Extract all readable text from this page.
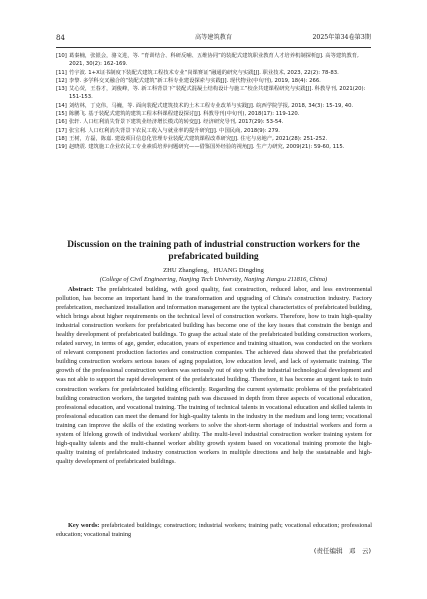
84	高等建筑教育	2025年第34卷第3期
[10] 葛秦楠，张银会，骆文进，等. “育训结合、科研反哺、五维协同”的装配式建筑职业教育人才培养机制探析[J]. 高等建筑教育, 2021, 30(2): 162-169.
[11] 竹宇波. 1+X证书制度下装配式建筑工程技术专业“岗课赛证”融通的研究与实践[J]. 职业技术, 2023, 22(2): 78-83.
[12] 李黎. 多学科交叉融合的“装配式建筑”新工科专业建设探索与实践[J]. 现代物业(中旬刊), 2019, 18(4): 266.
[13] 艾心荧，王春才，刘俊峰，等. 新工科背景下“装配式混凝土结构设计与施工”校企共建课程研究与实践[J]. 科教导刊, 2021(20): 151-153.
[14] 刘结林，丁克伟，马巍，等. 面向装配式建筑技术的土木工程专业改革与实践[J]. 皖西学院学报, 2018, 34(3): 15-19, 40.
[15] 陈鹏飞. 基于装配式建筑的建筑工程本科课程建设探讨[J]. 科教导刊(中旬刊), 2018(17): 119-120.
[16] 张轩. 人口红利消失背景下建筑业经济增长模式的转变[J]. 经济研究导刊, 2017(29): 53-54.
[17] 张宝利. 人口红利消失背景下农民工收入与就业率的提升研究[J]. 中国民商, 2018(9): 279.
[18] 王树，方磊，陈嘉. 建设项目信息化管理专业装配式建筑课程改革研究[J]. 住宅与房地产, 2021(28): 251-252.
[19] 赵晓震. 建筑施工企业农民工专业素质培养问题研究——借鉴国外经验的视角[J]. 生产力研究, 2009(21): 59-60, 115.
Discussion on the training path of industrial construction workers for the prefabricated building
ZHU Zhangfeng，HUANG Dingding
(College of Civil Engineering, Nanjing Tech University, Nanjing Jiangsu 211816, China)

Abstract: The prefabricated building, with good quality, fast construction, reduced labor, and less environmental pollution, has become an important hand in the transformation and upgrading of China's construction industry. Factory prefabrication, mechanized installation and information management are the typical characteristics of prefabricated building, which brings about higher requirements on the technical level of construction workers. Therefore, how to train high-quality industrial construction workers for prefabricated building has become one of the key issues that constrain the benign and healthy development of prefabricated buildings. To grasp the actual state of the prefabricated building construction workers, related survey, in terms of age, gender, education, years of experience and training situation, was conducted on the workers of relevant component production factories and construction companies. The achieved data showed that the prefabricated building construction workers serious issues of aging population, low education level, and lack of systematic training. The growth of the professional construction workers was seriously out of step with the industrial technological development and was not able to support the rapid development of the prefabricated building. Therefore, it has become an urgent task to train construction workers for prefabricated building efficiently. Regarding the current systematic problems of the prefabricated building construction workers, the targeted training path was discussed in depth from three aspects of vocational education, professional education, and vocational training. The training of technical talents in vocational education and skilled talents in professional education can meet the demand for high-quality talents in the industry in the medium and long term; vocational training can improve the skills of the existing workers to solve the short-term shortage of industrial workers and form a system of lifelong growth of individual workers' ability. The multi-level industrial construction worker training system for high-quality talents and the multi-channel worker ability growth system based on vocational training promote the high-quality training of prefabricated industry construction workers in multiple directions and help the sustainable and high-quality development of prefabricated buildings.

Key words: prefabricated buildings; construction; industrial workers; training path; vocational education; professional education; vocational training

(责任编辑　邓　云)
